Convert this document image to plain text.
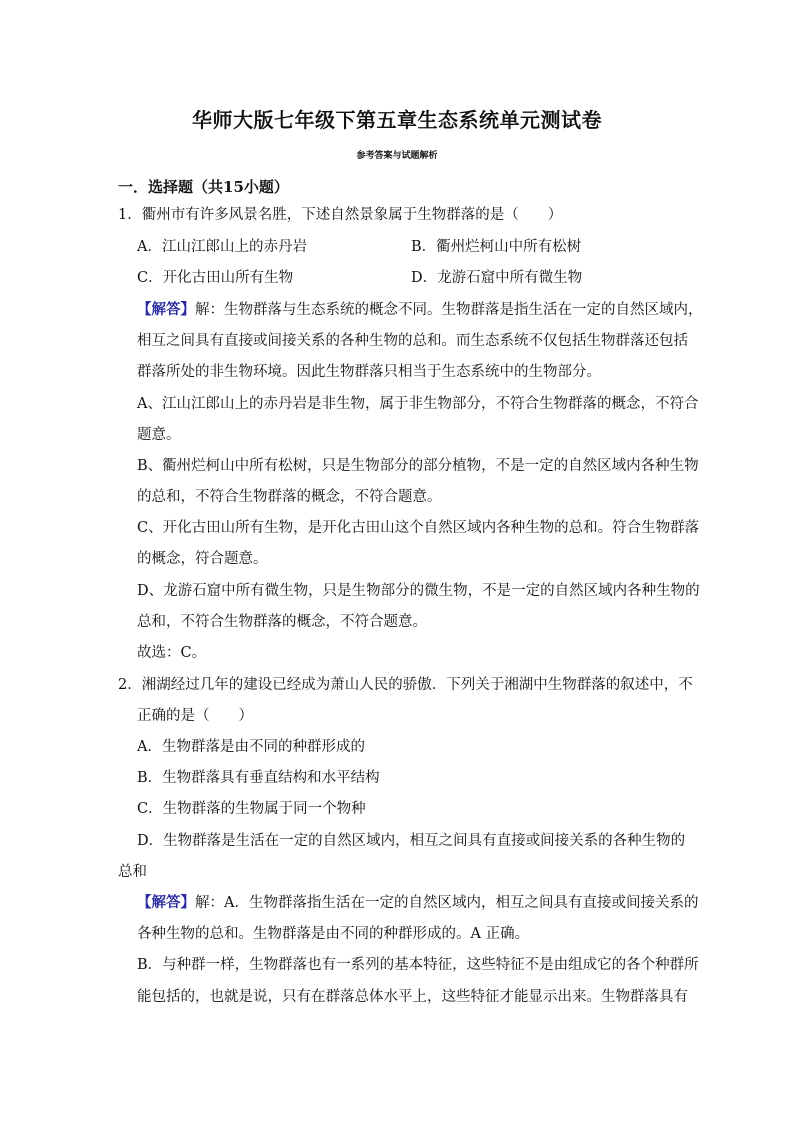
华师大版七年级下第五章生态系统单元测试卷
参考答案与试题解析
一．选择题（共15小题）
1．衢州市有许多风景名胜，下述自然景象属于生物群落的是（　　）
A．江山江郎山上的赤丹岩	B．衢州烂柯山中所有松树
C．开化古田山所有生物	D．龙游石窟中所有微生物
【解答】解：生物群落与生态系统的概念不同。生物群落是指生活在一定的自然区域内，
相互之间具有直接或间接关系的各种生物的总和。而生态系统不仅包括生物群落还包括
群落所处的非生物环境。因此生物群落只相当于生态系统中的生物部分。
A、江山江郎山上的赤丹岩是非生物，属于非生物部分，不符合生物群落的概念，不符合
题意。
B、衢州烂柯山中所有松树，只是生物部分的部分植物，不是一定的自然区域内各种生物
的总和，不符合生物群落的概念，不符合题意。
C、开化古田山所有生物，是开化古田山这个自然区域内各种生物的总和。符合生物群落
的概念，符合题意。
D、龙游石窟中所有微生物，只是生物部分的微生物，不是一定的自然区域内各种生物的
总和，不符合生物群落的概念，不符合题意。
故选：C。
2．湘湖经过几年的建设已经成为萧山人民的骄傲．下列关于湘湖中生物群落的叙述中，不
正确的是（　　）
A．生物群落是由不同的种群形成的
B．生物群落具有垂直结构和水平结构
C．生物群落的生物属于同一个物种
D．生物群落是生活在一定的自然区域内，相互之间具有直接或间接关系的各种生物的
总和
【解答】解：A．生物群落指生活在一定的自然区域内，相互之间具有直接或间接关系的
各种生物的总和。生物群落是由不同的种群形成的。A 正确。
B．与种群一样，生物群落也有一系列的基本特征，这些特征不是由组成它的各个种群所
能包括的，也就是说，只有在群落总体水平上，这些特征才能显示出来。生物群落具有
